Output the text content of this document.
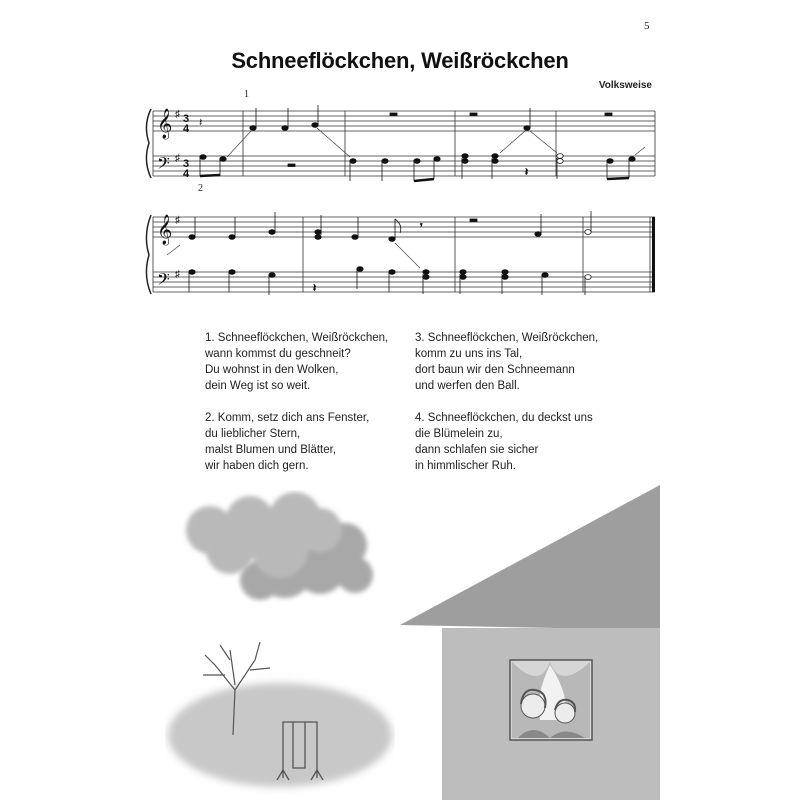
5
Schneeflöckchen, Weißröckchen
Volksweise
1
2
𝄞
𝄢
♯
♯
3
4
3
4
𝄽
𝄽
𝄞
𝄢
♯
♯
𝄾
𝄽
1. Schneeflöckchen, Weißröckchen,
wann kommst du geschneit?
Du wohnst in den Wolken,
dein Weg ist so weit.
2. Komm, setz dich ans Fenster,
du lieblicher Stern,
malst Blumen und Blätter,
wir haben dich gern.
3. Schneeflöckchen, Weißröckchen,
komm zu uns ins Tal,
dort baun wir den Schneemann
und werfen den Ball.
4. Schneeflöckchen, du deckst uns
die Blümelein zu,
dann schlafen sie sicher
in himmlischer Ruh.
